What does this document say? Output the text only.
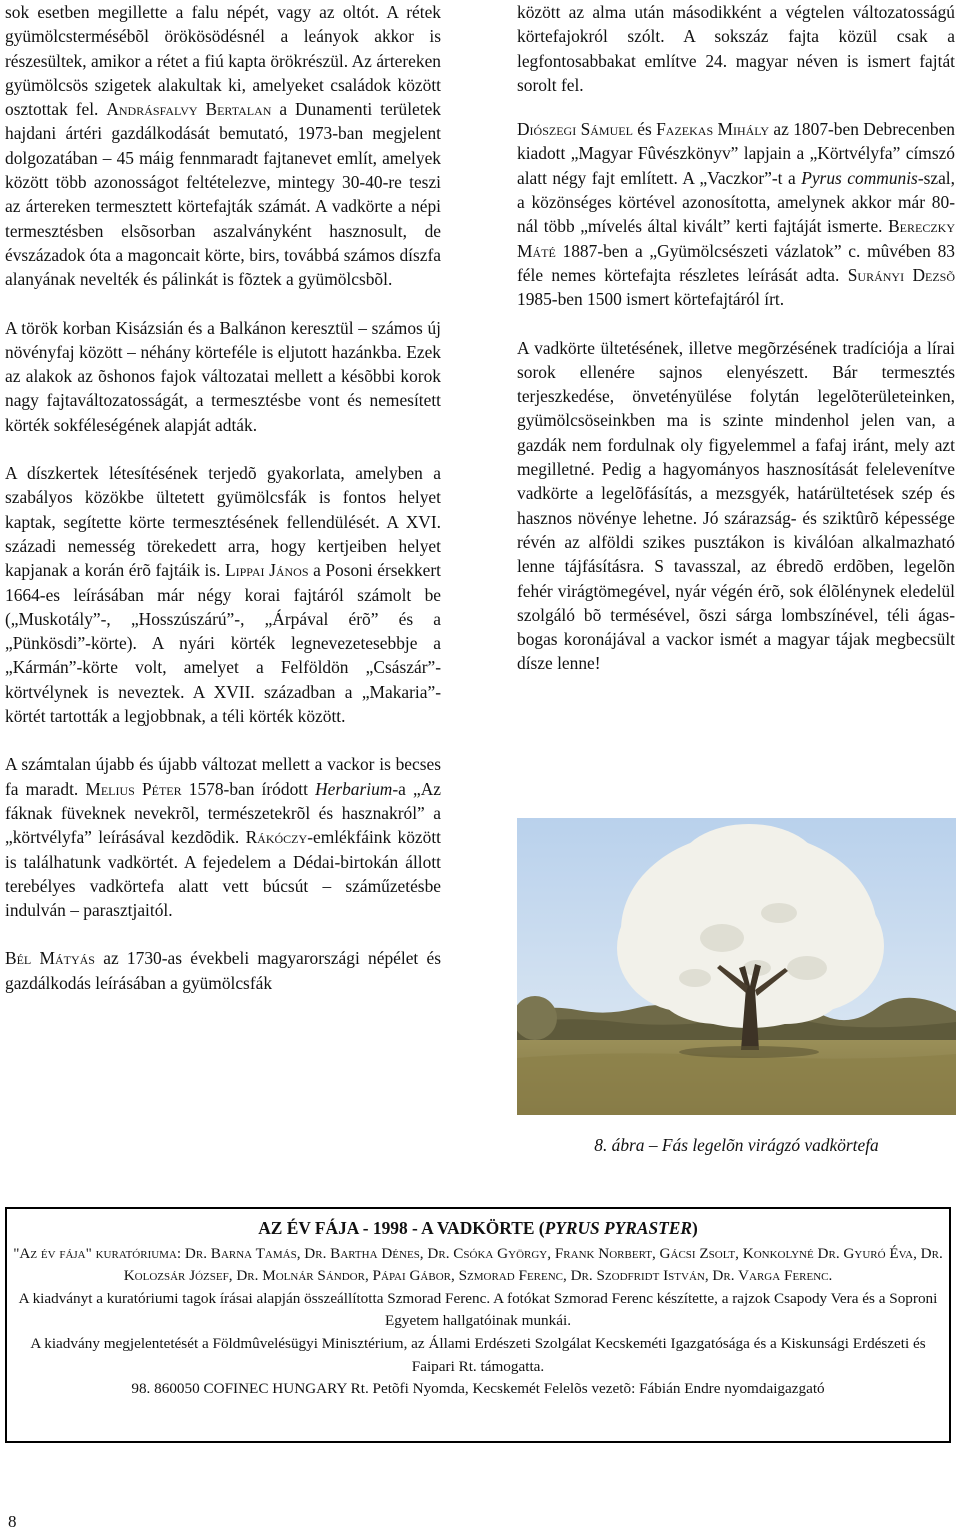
sok esetben megillette a falu népét, vagy az oltót. A rétek gyümölcstermésébõl örökösödésnél a leányok akkor is részesültek, amikor a rétet a fiú kapta örökrészül. Az ártereken gyümölcsös szigetek alakultak ki, amelyeket családok között osztottak fel. Andrásfalvy Bertalan a Dunamenti területek hajdani ártéri gazdálkodását bemutató, 1973-ban megjelent dolgozatában – 45 máig fennmaradt fajtanevet említ, amelyek között több azonosságot feltételezve, mintegy 30-40-re teszi az ártereken termesztett körtefajták számát. A vadkörte a népi termesztésben elsõsorban aszalványként hasznosult, de évszázadok óta a magoncait körte, birs, továbbá számos díszfa alanyának nevelték és pálinkát is fõztek a gyümölcsbõl.

A török korban Kisázsián és a Balkánon keresztül – számos új növényfaj között – néhány körteféle is eljutott hazánkba. Ezek az alakok az õshonos fajok változatai mellett a késõbbi korok nagy fajtaváltozatosságát, a termesztésbe vont és nemesített körték sokféleségének alapját adták.

A díszkertek létesítésének terjedõ gyakorlata, amelyben a szabályos közökbe ültetett gyümölcsfák is fontos helyet kaptak, segítette körte termesztésének fellendülését. A XVI. századi nemesség törekedett arra, hogy kertjeiben helyet kapjanak a korán érõ fajtáik is. Lippai János a Posoni érsekkert 1664-es leírásában már négy korai fajtáról számolt be („Muskotály”-, „Hosszúszárú”-, „Árpával érõ” és a „Pünkösdi”-körte). A nyári körték legnevezetesebbje a „Kármán”-körte volt, amelyet a Felföldön „Császár”-körtvélynek is neveztek. A XVII. században a „Makaria”-körtét tartották a legjobbnak, a téli körték között.

A számtalan újabb és újabb változat mellett a vackor is becses fa maradt. Melius Péter 1578-ban íródott Herbarium-a „Az fáknak füveknek nevekrõl, természetekrõl és hasznakról” a „körtvélyfa” leírásával kezdõdik. Rákóczy-emlékfáink között is találhatunk vadkörtét. A fejedelem a Dédai-birtokán állott terebélyes vadkörtefa alatt vett búcsút – száműzetésbe indulván – parasztjaitól.

Bél Mátyás az 1730-as évekbeli magyarországi népélet és gazdálkodás leírásában a gyümölcsfák

között az alma után másodikként a végtelen változatosságú körtefajokról szólt. A sokszáz fajta közül csak a legfontosabbakat említve 24. magyar néven is ismert fajtát sorolt fel.

Diószegi Sámuel és Fazekas Mihály az 1807-ben Debrecenben kiadott „Magyar Fûvészkönyv” lapjain a „Körtvélyfa” címszó alatt négy fajt említett. A „Vaczkor”-t a Pyrus communis-szal, a közönséges körtével azonosította, amelynek akkor már 80-nál több „mívelés által kivált” kerti fajtáját ismerte. Bereczky Máté 1887-ben a „Gyümölcsészeti vázlatok” c. mûvében 83 féle nemes körtefajta részletes leírását adta. Surányi Dezsõ 1985-ben 1500 ismert körtefajtáról írt.

A vadkörte ültetésének, illetve megõrzésének tradíciója a lírai sorok ellenére sajnos elenyészett. Bár termesztés terjeszkedése, önvetényülése folytán legelõterületeinken, gyümölcsöseinkben ma is szinte mindenhol jelen van, a gazdák nem fordulnak oly figyelemmel a fafaj iránt, mely azt megilletné. Pedig a hagyományos hasznosítását felelevenítve vadkörte a legelõfásítás, a mezsgyék, határültetések szép és hasznos növénye lehetne. Jó szárazság- és sziktûrõ képessége révén az alföldi szikes pusztákon is kiválóan alkalmazható lenne tájfásításra. S tavasszal, az ébredõ erdõben, legelõn fehér virágtömegével, nyár végén érõ, sok élõlénynek eledelül szolgáló bõ termésével, õszi sárga lombszínével, téli ágas-bogas koronájával a vackor ismét a magyar tájak megbecsült dísze lenne!

8. ábra – Fás legelõn virágzó vadkörtefa
AZ ÉV FÁJA - 1998 - A VADKÖRTE (PYRUS PYRASTER)
"Az év fája" kuratóriuma: Dr. Barna Tamás, Dr. Bartha Dénes, Dr. Csóka György, Frank Norbert, Gácsi Zsolt, Konkolyné Dr. Gyuró Éva, Dr. Kolozsár József, Dr. Molnár Sándor, Pápai Gábor, Szmorad Ferenc, Dr. Szodfridt István, Dr. Varga Ferenc.
A kiadványt a kuratóriumi tagok írásai alapján összeállította Szmorad Ferenc. A fotókat Szmorad Ferenc készítette, a rajzok Csapody Vera és a Soproni Egyetem hallgatóinak munkái.
A kiadvány megjelentetését a Földmûvelésügyi Minisztérium, az Állami Erdészeti Szolgálat Kecskeméti Igazgatósága és a Kiskunsági Erdészeti és Faipari Rt. támogatta.
98. 860050 COFINEC HUNGARY Rt. Petõfi Nyomda, Kecskemét Felelõs vezetõ: Fábián Endre nyomdaigazgató
8
